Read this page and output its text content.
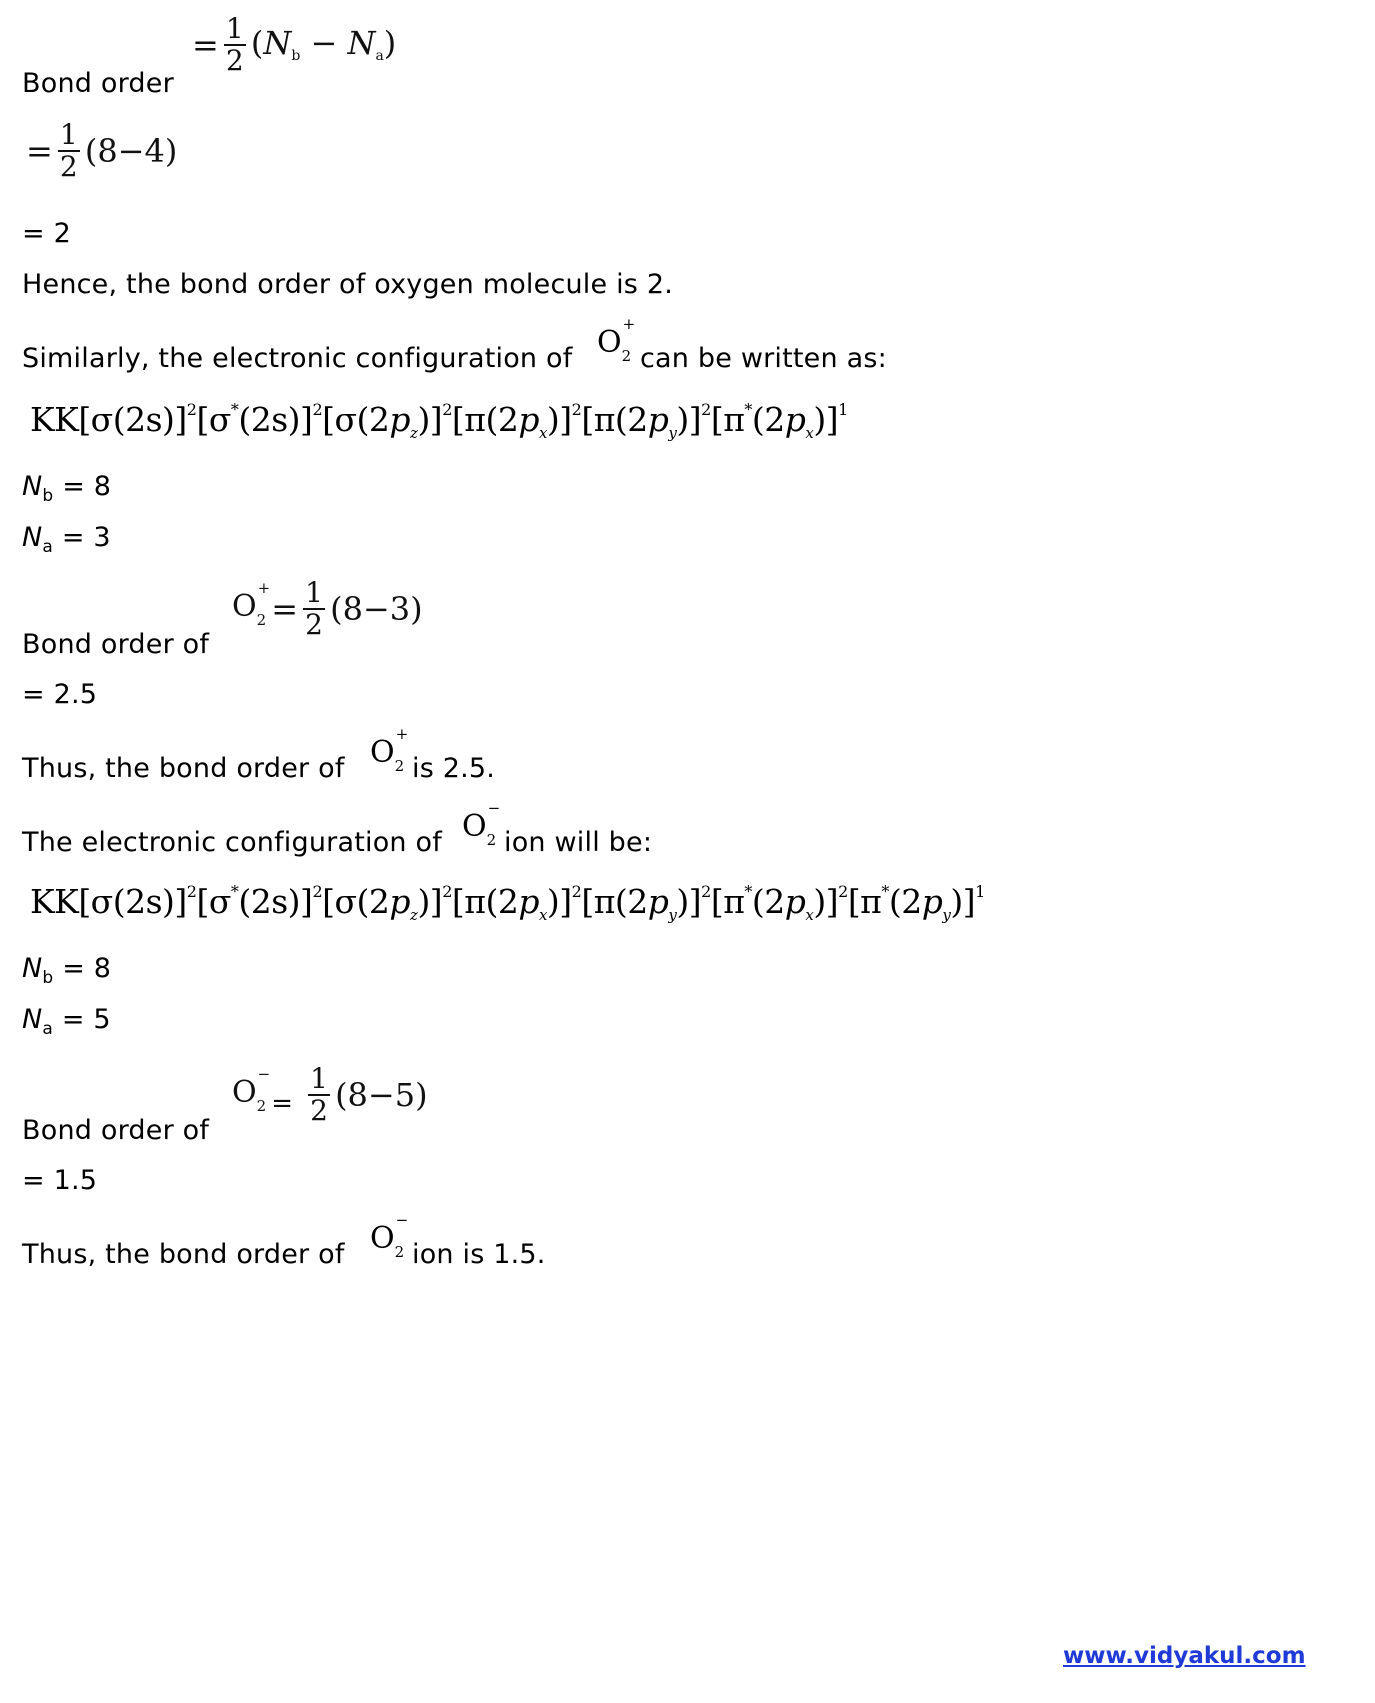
= $\frac{1}{2} (N_b - N_a)$
Bond order
= $\frac{1}{2} (8-4)$
= 2
Hence, the bond order of oxygen molecule is 2.
Similarly, the electronic configuration of O
+
$_2$ can be written as:
$KK[\sigma(2s)]^2[\sigma^*(2s)]^2[\sigma(2p_z)]^2[\pi(2p_x)]^2[\pi(2p_y)]^2[\pi^*(2p_x)]^1$
$N_b = 8$
$N_a = 3$
O
+
$_2 = \frac{1}{2} (8-3)$
Bond order of
= 2.5
Thus, the bond order of O
+
$_2$ is 2.5.
The electronic configuration of O
−
$_2$ ion will be:
$KK[\sigma(2s)]^2[\sigma^*(2s)]^2[\sigma(2p_z)]^2[\pi(2p_x)]^2[\pi(2p_y)]^2[\pi^*(2p_x)]^2[\pi^*(2p_y)]^1$
$N_b = 8$
$N_a = 5$
O
−
$_2 = \frac{1}{2} (8-5)$
Bond order of
= 1.5
Thus, the bond order of O
−
$_2$ ion is 1.5.
www.vidyakul.com
